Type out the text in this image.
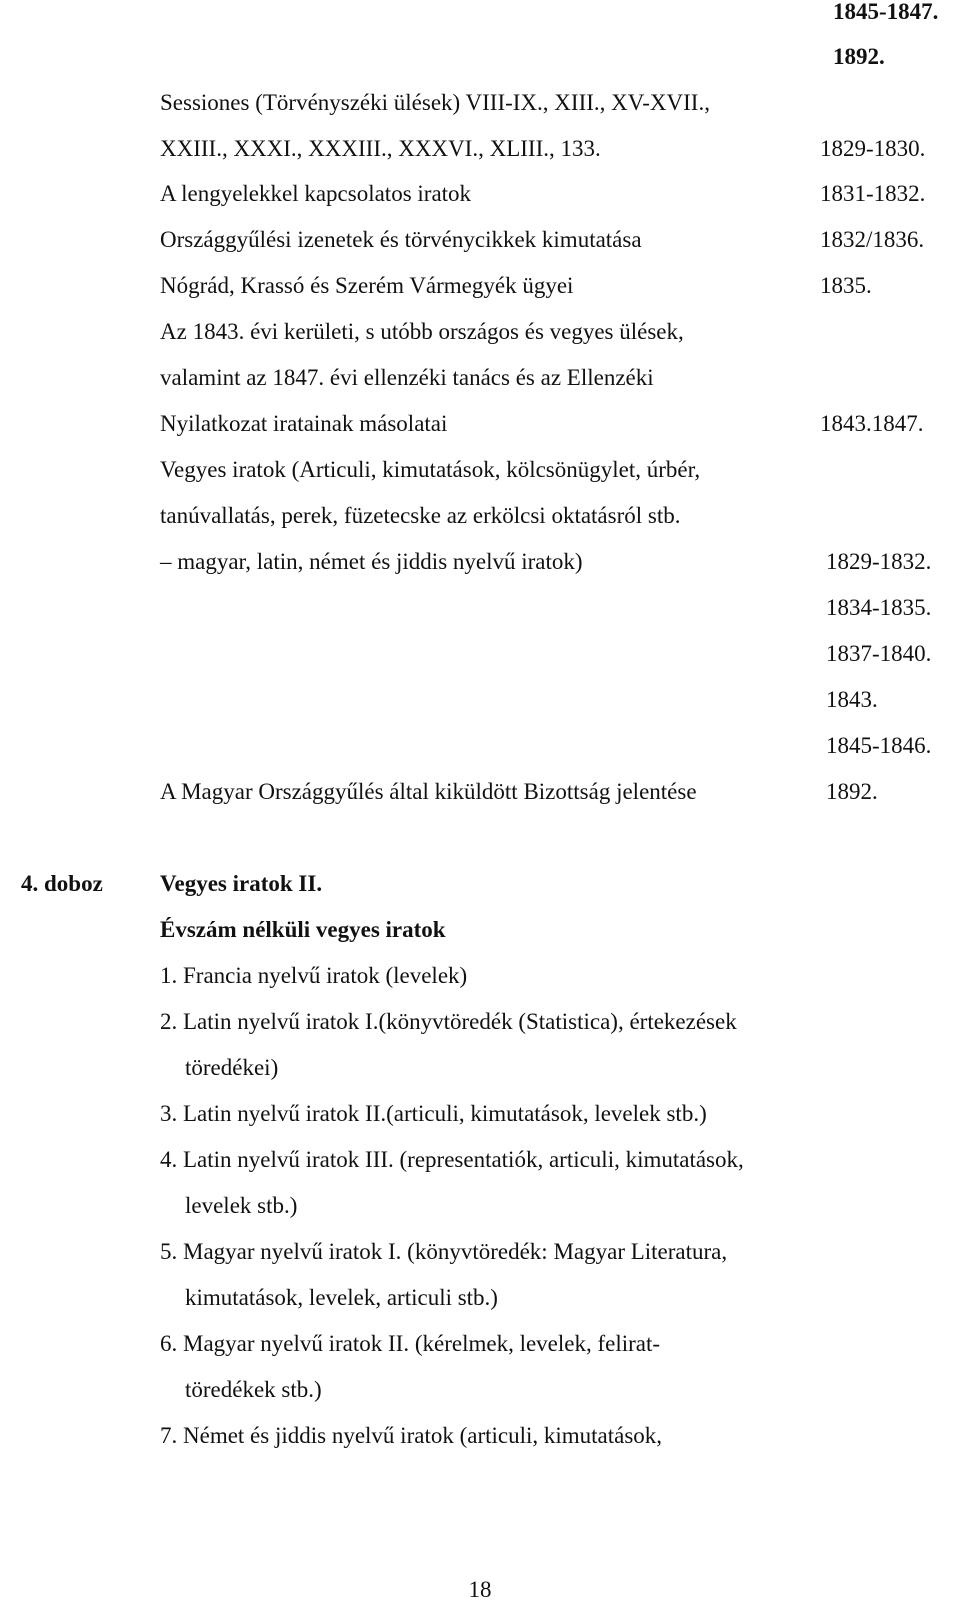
1845-1847.
1892.
Sessiones (Törvényszéki ülések) VIII-IX., XIII., XV-XVII.,
XXIII., XXXI., XXXIII., XXXVI., XLIII., 133.	1829-1830.
A lengyelekkel kapcsolatos iratok	1831-1832.
Országgyűlési izenetek és törvénycikkek kimutatása	1832/1836.
Nógrád, Krassó és Szerém Vármegyék ügyei	1835.
Az 1843. évi kerületi, s utóbb országos és vegyes ülések,
valamint az 1847. évi ellenzéki tanács és az Ellenzéki
Nyilatkozat iratainak másolatai	1843.1847.
Vegyes iratok (Articuli, kimutatások, kölcsönügylet, úrbér,
tanúvallatás, perek, füzetecske az erkölcsi oktatásról stb.
– magyar, latin, német és jiddis nyelvű iratok)	1829-1832.
1834-1835.
1837-1840.
1843.
1845-1846.
A Magyar Országgyűlés által kiküldött Bizottság jelentése	1892.
4. doboz Vegyes iratok II.
Évszám nélküli vegyes iratok
1. Francia nyelvű iratok (levelek)
2. Latin nyelvű iratok I.(könyvtöredék (Statistica), értekezések
töredékei)
3. Latin nyelvű iratok II.(articuli, kimutatások, levelek stb.)
4. Latin nyelvű iratok III. (representatiók, articuli, kimutatások,
levelek stb.)
5. Magyar nyelvű iratok I. (könyvtöredék: Magyar Literatura,
kimutatások, levelek, articuli stb.)
6. Magyar nyelvű iratok II. (kérelmek, levelek, felirat-
töredékek stb.)
7. Német és jiddis nyelvű iratok (articuli, kimutatások,
18
